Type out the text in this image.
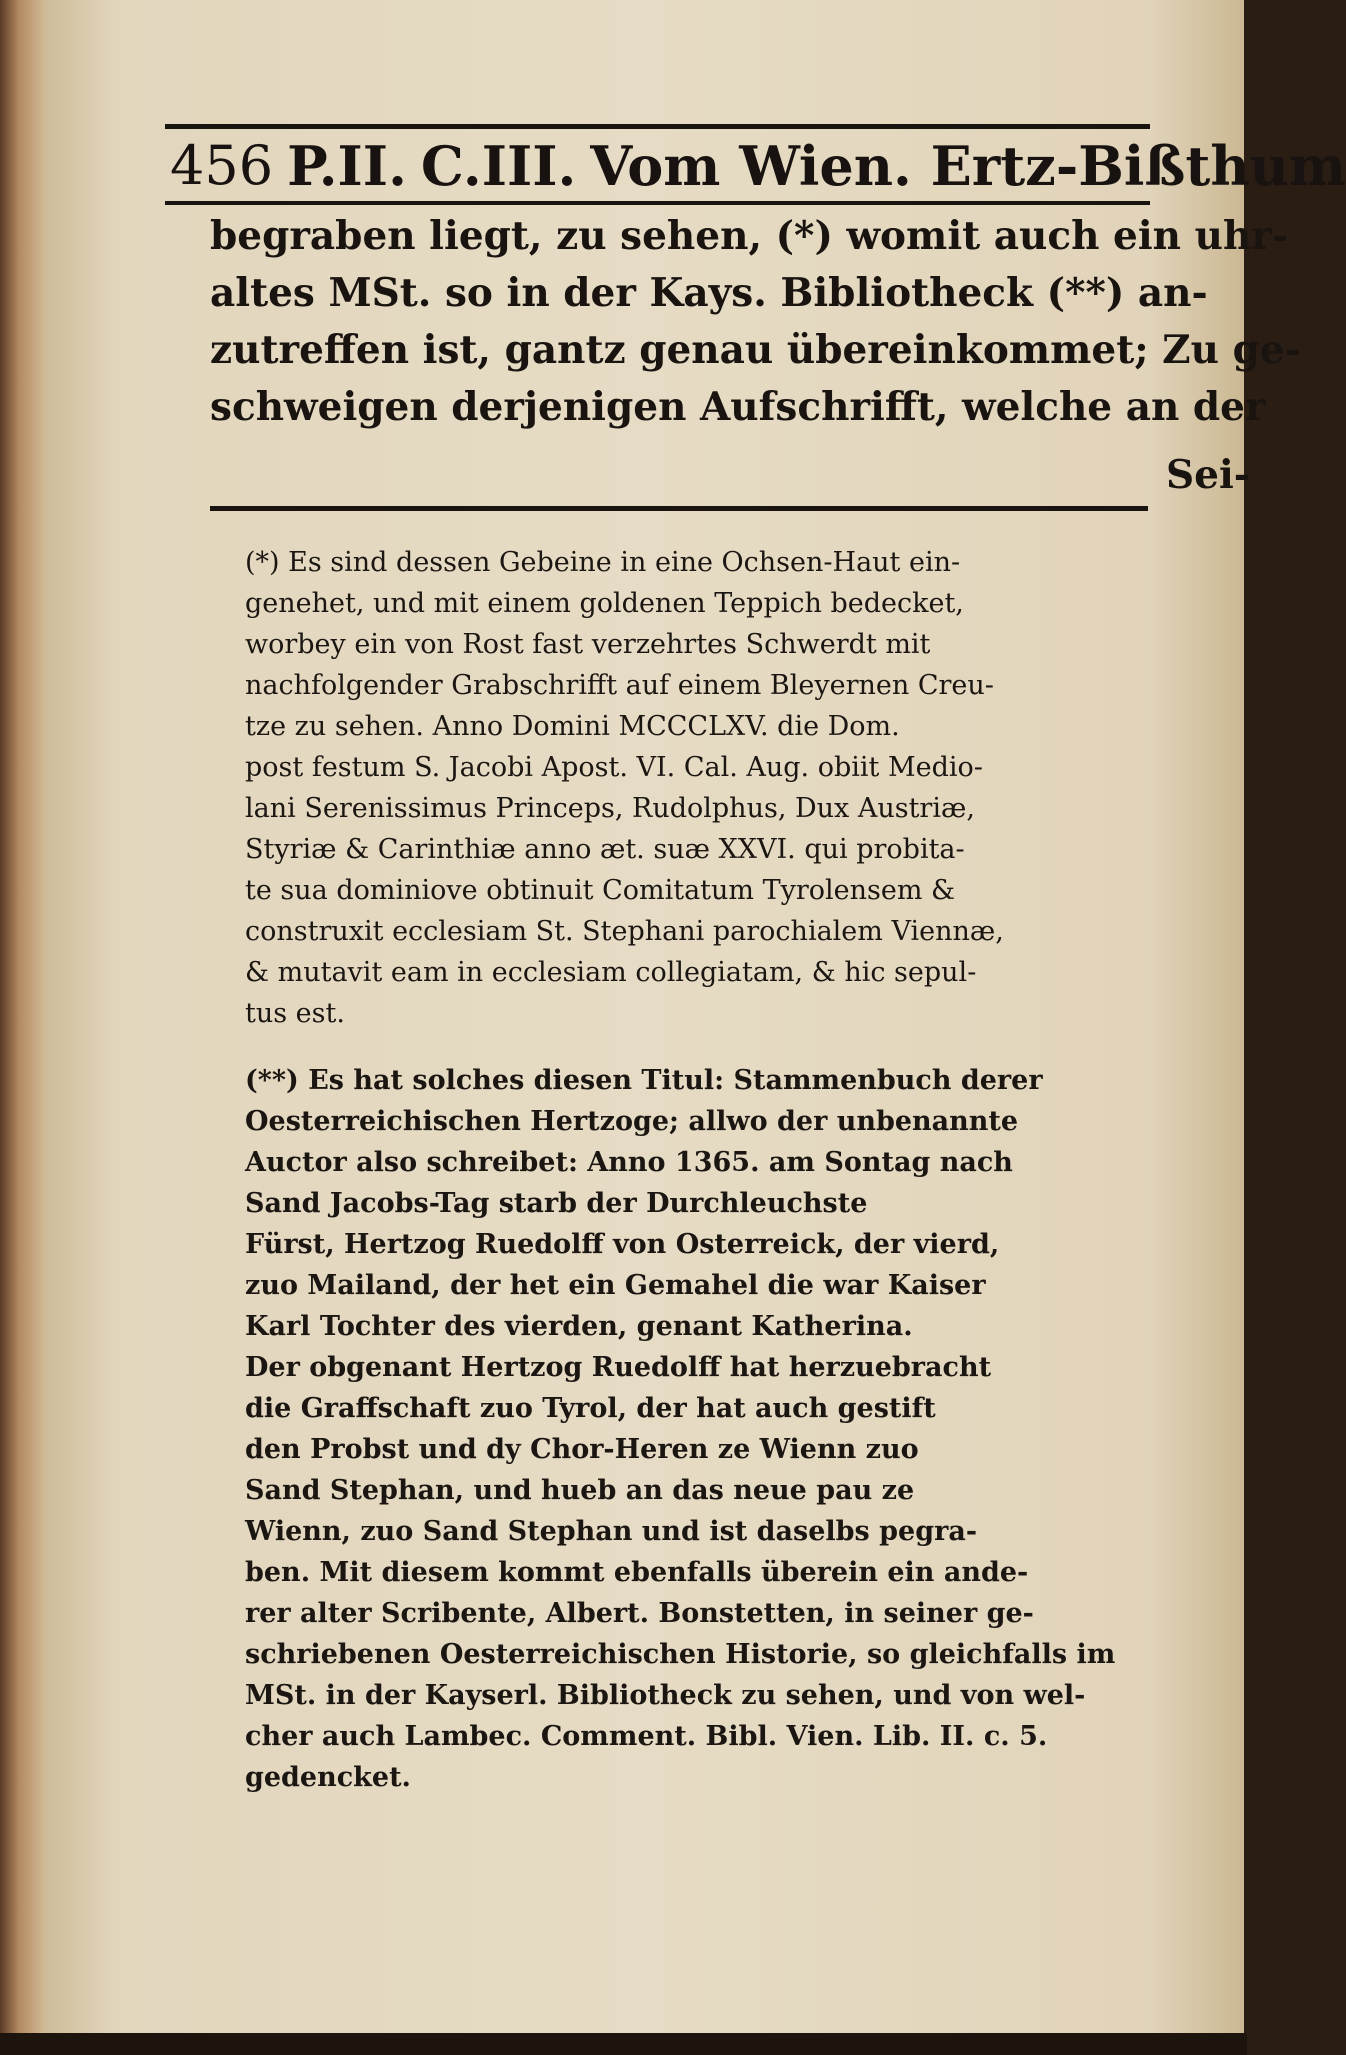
456 P.II. C.III. Vom Wien. Ertz-Bißthum
begraben liegt, zu sehen, (*) womit auch ein uhr-
altes MSt. so in der Kays. Bibliotheck (**) an-
zutreffen ist, gantz genau übereinkommet; Zu ge-
schweigen derjenigen Aufschrifft, welche an der
Sei-
(*) Es sind dessen Gebeine in eine Ochsen-Haut ein-
genehet, und mit einem goldenen Teppich bedecket,
worbey ein von Rost fast verzehrtes Schwerdt mit
nachfolgender Grabschrifft auf einem Bleyernen Creu-
tze zu sehen. Anno Domini MCCCLXV. die Dom.
post festum S. Jacobi Apost. VI. Cal. Aug. obiit Medio-
lani Serenissimus Princeps, Rudolphus, Dux Austriæ,
Styriæ & Carinthiæ anno æt. suæ XXVI. qui probita-
te sua dominiove obtinuit Comitatum Tyrolensem &
construxit ecclesiam St. Stephani parochialem Viennæ,
& mutavit eam in ecclesiam collegiatam, & hic sepul-
tus est.
(**) Es hat solches diesen Titul: Stammenbuch derer
Oesterreichischen Hertzoge; allwo der unbenannte
Auctor also schreibet: Anno 1365. am Sontag nach
Sand Jacobs-Tag starb der Durchleuchste
Fürst, Hertzog Ruedolff von Osterreick, der vierd,
zuo Mailand, der het ein Gemahel die war Kaiser
Karl Tochter des vierden, genant Katherina.
Der obgenant Hertzog Ruedolff hat herzuebracht
die Graffschaft zuo Tyrol, der hat auch gestift
den Probst und dy Chor-Heren ze Wienn zuo
Sand Stephan, und hueb an das neue pau ze
Wienn, zuo Sand Stephan und ist daselbs pegra-
ben. Mit diesem kommt ebenfalls überein ein ande-
rer alter Scribente, Albert. Bonstetten, in seiner ge-
schriebenen Oesterreichischen Historie, so gleichfalls im
MSt. in der Kayserl. Bibliotheck zu sehen, und von wel-
cher auch Lambec. Comment. Bibl. Vien. Lib. II. c. 5.
gedencket.
